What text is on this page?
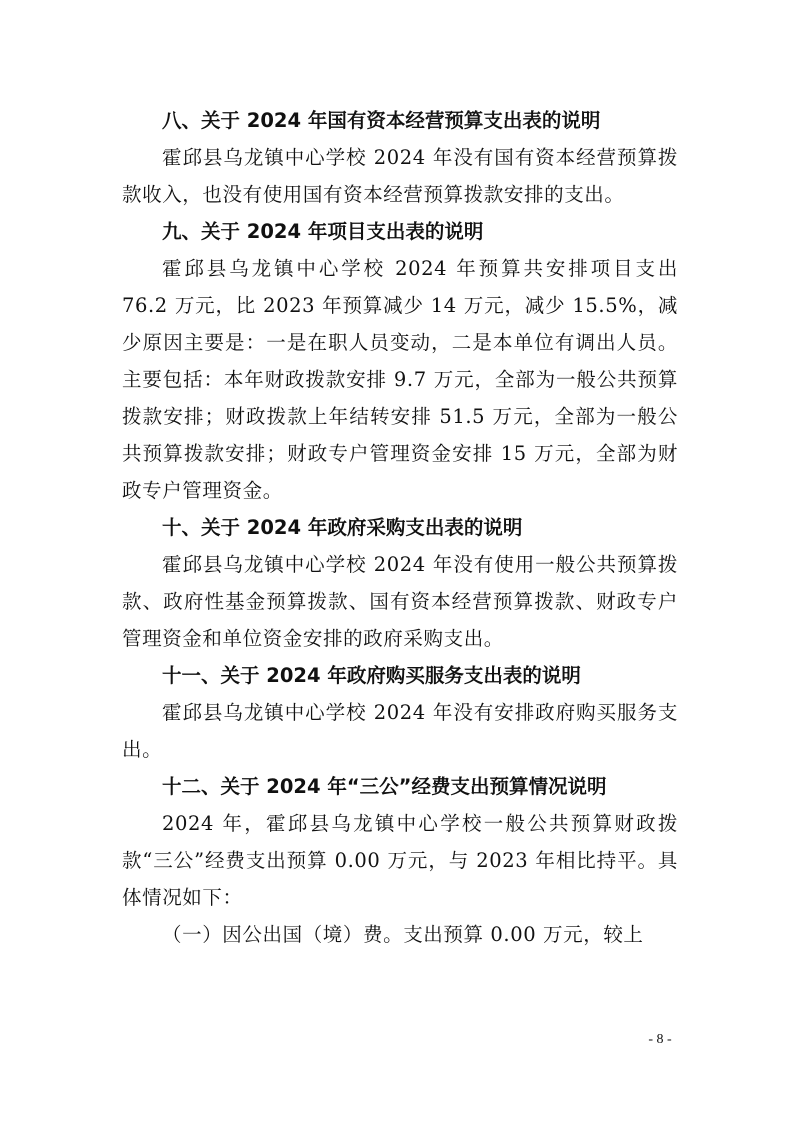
八、关于 2024 年国有资本经营预算支出表的说明

霍邱县乌龙镇中心学校 2024 年没有国有资本经营预算拨款收入，也没有使用国有资本经营预算拨款安排的支出。

九、关于 2024 年项目支出表的说明

霍邱县乌龙镇中心学校 2024 年预算共安排项目支出 76.2 万元，比 2023 年预算减少 14 万元，减少 15.5%，减少原因主要是：一是在职人员变动，二是本单位有调出人员。主要包括：本年财政拨款安排 9.7 万元，全部为一般公共预算拨款安排；财政拨款上年结转安排 51.5 万元，全部为一般公共预算拨款安排；财政专户管理资金安排 15 万元，全部为财政专户管理资金。

十、关于 2024 年政府采购支出表的说明

霍邱县乌龙镇中心学校 2024 年没有使用一般公共预算拨款、政府性基金预算拨款、国有资本经营预算拨款、财政专户管理资金和单位资金安排的政府采购支出。

十一、关于 2024 年政府购买服务支出表的说明

霍邱县乌龙镇中心学校 2024 年没有安排政府购买服务支出。

十二、关于 2024 年“三公”经费支出预算情况说明

2024 年，霍邱县乌龙镇中心学校一般公共预算财政拨款“三公”经费支出预算 0.00 万元，与 2023 年相比持平。具体情况如下：

（一）因公出国（境）费。支出预算 0.00 万元，较上

- 8 -
